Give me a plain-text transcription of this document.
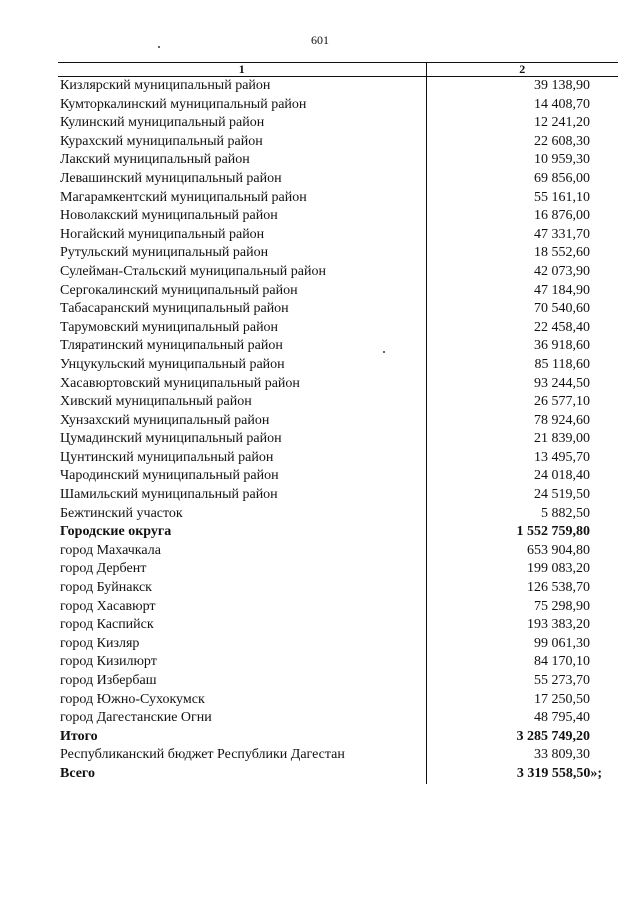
601
1	2
Кизлярский муниципальный район	39 138,90
Кумторкалинский муниципальный район	14 408,70
Кулинский муниципальный район	12 241,20
Курахский муниципальный район	22 608,30
Лакский муниципальный район	10 959,30
Левашинский муниципальный район	69 856,00
Магарамкентский муниципальный район	55 161,10
Новолакский муниципальный район	16 876,00
Ногайский муниципальный район	47 331,70
Рутульский муниципальный район	18 552,60
Сулейман-Стальский муниципальный район	42 073,90
Сергокалинский муниципальный район	47 184,90
Табасаранский муниципальный район	70 540,60
Тарумовский муниципальный район	22 458,40
Тляратинский муниципальный район	36 918,60
Унцукульский муниципальный район	85 118,60
Хасавюртовский муниципальный район	93 244,50
Хивский муниципальный район	26 577,10
Хунзахский муниципальный район	78 924,60
Цумадинский муниципальный район	21 839,00
Цунтинский муниципальный район	13 495,70
Чародинский муниципальный район	24 018,40
Шамильский муниципальный район	24 519,50
Бежтинский участок	5 882,50
Городские округа	1 552 759,80
город Махачкала	653 904,80
город Дербент	199 083,20
город Буйнакск	126 538,70
город Хасавюрт	75 298,90
город Каспийск	193 383,20
город Кизляр	99 061,30
город Кизилюрт	84 170,10
город Избербаш	55 273,70
город Южно-Сухокумск	17 250,50
город Дагестанские Огни	48 795,40
Итого	3 285 749,20
Республиканский бюджет Республики Дагестан	33 809,30
Всего	3 319 558,50»;
